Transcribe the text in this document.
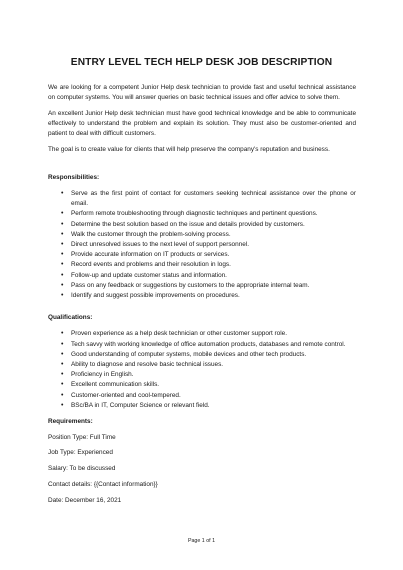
ENTRY LEVEL TECH HELP DESK JOB DESCRIPTION

We are looking for a competent Junior Help desk technician to provide fast and useful technical assistance on computer systems. You will answer queries on basic technical issues and offer advice to solve them.

An excellent Junior Help desk technician must have good technical knowledge and be able to communicate effectively to understand the problem and explain its solution. They must also be customer-oriented and patient to deal with difficult customers.

The goal is to create value for clients that will help preserve the company's reputation and business.

Responsibilities:

• Serve as the first point of contact for customers seeking technical assistance over the phone or email.
• Perform remote troubleshooting through diagnostic techniques and pertinent questions.
• Determine the best solution based on the issue and details provided by customers.
• Walk the customer through the problem-solving process.
• Direct unresolved issues to the next level of support personnel.
• Provide accurate information on IT products or services.
• Record events and problems and their resolution in logs.
• Follow-up and update customer status and information.
• Pass on any feedback or suggestions by customers to the appropriate internal team.
• Identify and suggest possible improvements on procedures.

Qualifications:

• Proven experience as a help desk technician or other customer support role.
• Tech savvy with working knowledge of office automation products, databases and remote control.
• Good understanding of computer systems, mobile devices and other tech products.
• Ability to diagnose and resolve basic technical issues.
• Proficiency in English.
• Excellent communication skills.
• Customer-oriented and cool-tempered.
• BSc/BA in IT, Computer Science or relevant field.

Requirements:

Position Type: Full Time

Job Type: Experienced

Salary: To be discussed

Contact details: {{Contact information}}

Date: December 16, 2021

Page 1 of 1
